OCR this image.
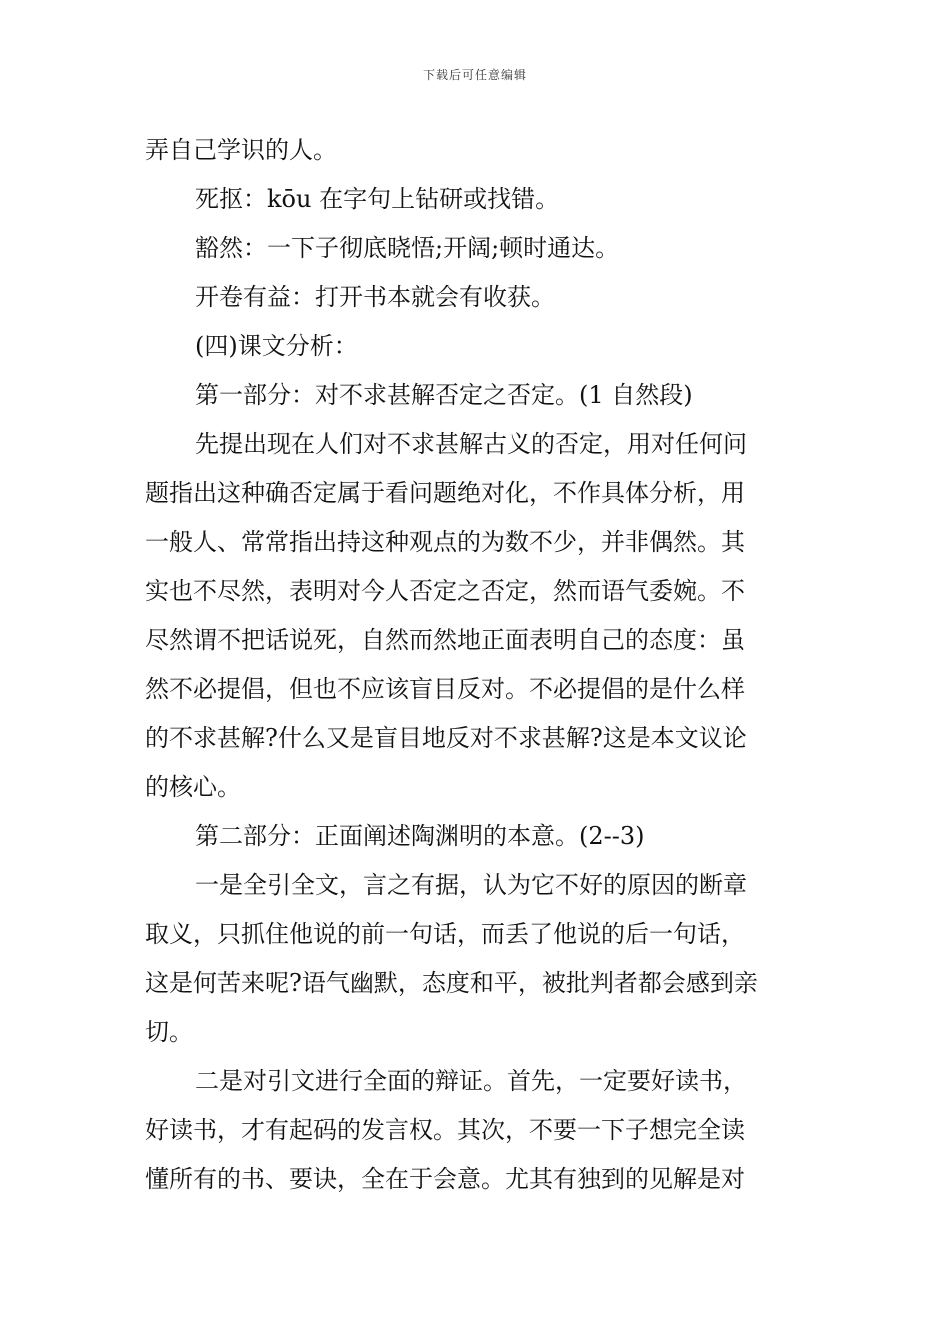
下载后可任意编辑
弄自己学识的人。
死抠：kōu 在字句上钻研或找错。
豁然：一下子彻底晓悟;开阔;顿时通达。
开卷有益：打开书本就会有收获。
(四)课文分析：
第一部分：对不求甚解否定之否定。(1 自然段)
先提出现在人们对不求甚解古义的否定，用对任何问
题指出这种确否定属于看问题绝对化，不作具体分析，用
一般人、常常指出持这种观点的为数不少，并非偶然。其
实也不尽然，表明对今人否定之否定，然而语气委婉。不
尽然谓不把话说死，自然而然地正面表明自己的态度：虽
然不必提倡，但也不应该盲目反对。不必提倡的是什么样
的不求甚解?什么又是盲目地反对不求甚解?这是本文议论
的核心。
第二部分：正面阐述陶渊明的本意。(2--3)
一是全引全文，言之有据，认为它不好的原因的断章
取义，只抓住他说的前一句话，而丢了他说的后一句话，
这是何苦来呢?语气幽默，态度和平，被批判者都会感到亲
切。
二是对引文进行全面的辩证。首先，一定要好读书，
好读书，才有起码的发言权。其次，不要一下子想完全读
懂所有的书、要诀，全在于会意。尤其有独到的见解是对
